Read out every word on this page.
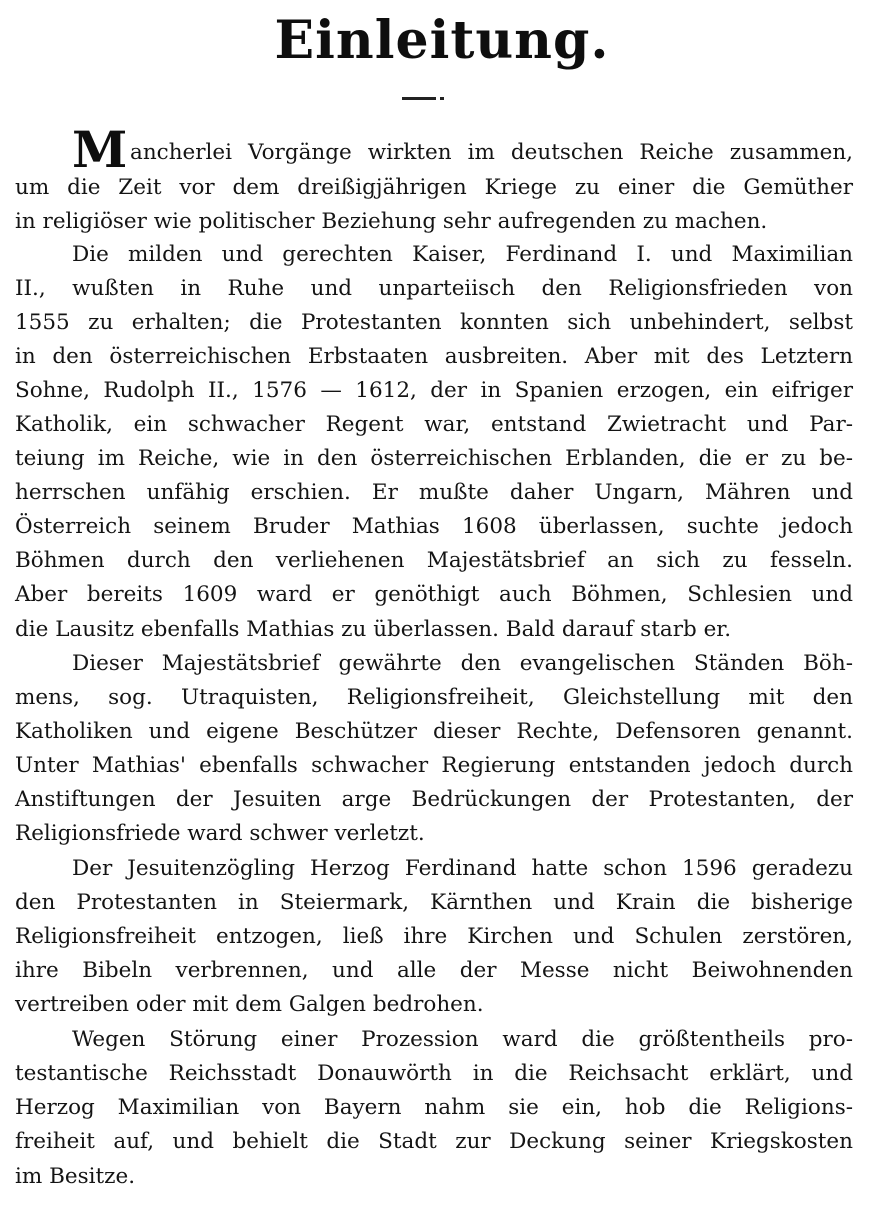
Einleitung.
M ancherlei Vorgänge wirkten im deutschen Reiche zusammen,
um die Zeit vor dem dreißigjährigen Kriege zu einer die Gemüther
in religiöser wie politischer Beziehung sehr aufregenden zu machen.
Die milden und gerechten Kaiser, Ferdinand I. und Maximilian
II., wußten in Ruhe und unparteiisch den Religionsfrieden von
1555 zu erhalten; die Protestanten konnten sich unbehindert, selbst
in den österreichischen Erbstaaten ausbreiten. Aber mit des Letztern
Sohne, Rudolph II., 1576 — 1612, der in Spanien erzogen, ein eifriger
Katholik, ein schwacher Regent war, entstand Zwietracht und Par-
teiung im Reiche, wie in den österreichischen Erblanden, die er zu be-
herrschen unfähig erschien. Er mußte daher Ungarn, Mähren und
Österreich seinem Bruder Mathias 1608 überlassen, suchte jedoch
Böhmen durch den verliehenen Majestätsbrief an sich zu fesseln.
Aber bereits 1609 ward er genöthigt auch Böhmen, Schlesien und
die Lausitz ebenfalls Mathias zu überlassen. Bald darauf starb er.
Dieser Majestätsbrief gewährte den evangelischen Ständen Böh-
mens, sog. Utraquisten, Religionsfreiheit, Gleichstellung mit den
Katholiken und eigene Beschützer dieser Rechte, Defensoren genannt.
Unter Mathias' ebenfalls schwacher Regierung entstanden jedoch durch
Anstiftungen der Jesuiten arge Bedrückungen der Protestanten, der
Religionsfriede ward schwer verletzt.
Der Jesuitenzögling Herzog Ferdinand hatte schon 1596 geradezu
den Protestanten in Steiermark, Kärnthen und Krain die bisherige
Religionsfreiheit entzogen, ließ ihre Kirchen und Schulen zerstören,
ihre Bibeln verbrennen, und alle der Messe nicht Beiwohnenden
vertreiben oder mit dem Galgen bedrohen.
Wegen Störung einer Prozession ward die größtentheils pro-
testantische Reichsstadt Donauwörth in die Reichsacht erklärt, und
Herzog Maximilian von Bayern nahm sie ein, hob die Religions-
freiheit auf, und behielt die Stadt zur Deckung seiner Kriegskosten
im Besitze.
